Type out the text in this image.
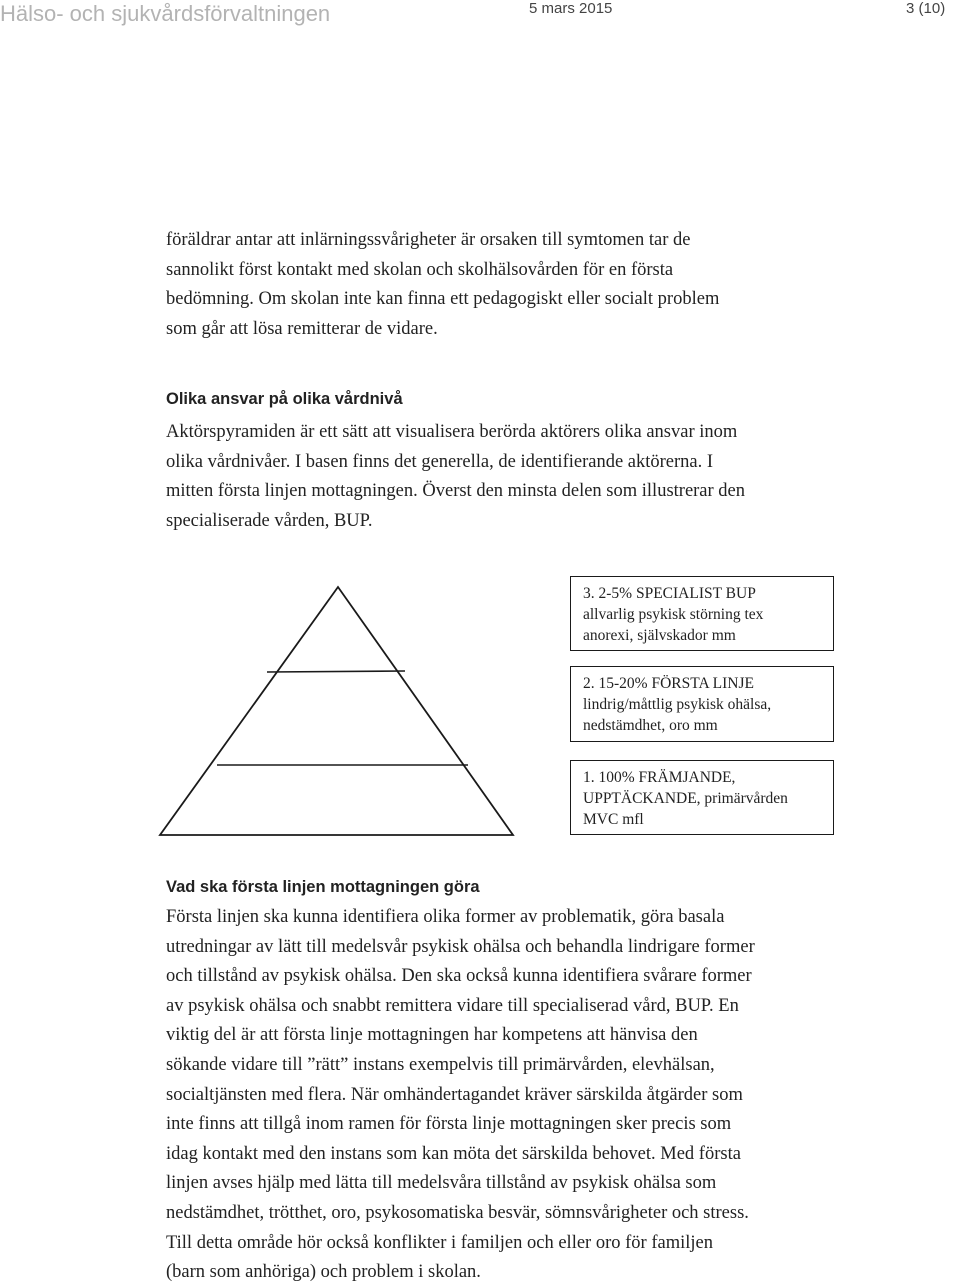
Hälso- och sjukvårdsförvaltningen	5 mars 2015	3 (10)
föräldrar antar att inlärningssvårigheter är orsaken till symtomen tar de
sannolikt först kontakt med skolan och skolhälsovården för en första
bedömning. Om skolan inte kan finna ett pedagogiskt eller socialt problem
som går att lösa remitterar de vidare.
Olika ansvar på olika vårdnivå
Aktörspyramiden är ett sätt att visualisera berörda aktörers olika ansvar inom
olika vårdnivåer. I basen finns det generella, de identifierande aktörerna. I
mitten första linjen mottagningen. Överst den minsta delen som illustrerar den
specialiserade vården, BUP.
3. 2-5% SPECIALIST BUP
allvarlig psykisk störning tex
anorexi, självskador mm
2. 15-20% FÖRSTA LINJE
lindrig/måttlig psykisk ohälsa,
nedstämdhet, oro mm
1. 100% FRÄMJANDE,
UPPTÄCKANDE, primärvården
MVC mfl
Vad ska första linjen mottagningen göra
Första linjen ska kunna identifiera olika former av problematik, göra basala
utredningar av lätt till medelsvår psykisk ohälsa och behandla lindrigare former
och tillstånd av psykisk ohälsa. Den ska också kunna identifiera svårare former
av psykisk ohälsa och snabbt remittera vidare till specialiserad vård, BUP. En
viktig del är att första linje mottagningen har kompetens att hänvisa den
sökande vidare till ”rätt” instans exempelvis till primärvården, elevhälsan,
socialtjänsten med flera. När omhändertagandet kräver särskilda åtgärder som
inte finns att tillgå inom ramen för första linje mottagningen sker precis som
idag kontakt med den instans som kan möta det särskilda behovet. Med första
linjen avses hjälp med lätta till medelsvåra tillstånd av psykisk ohälsa som
nedstämdhet, trötthet, oro, psykosomatiska besvär, sömnsvårigheter och stress.
Till detta område hör också konflikter i familjen och eller oro för familjen
(barn som anhöriga) och problem i skolan.
